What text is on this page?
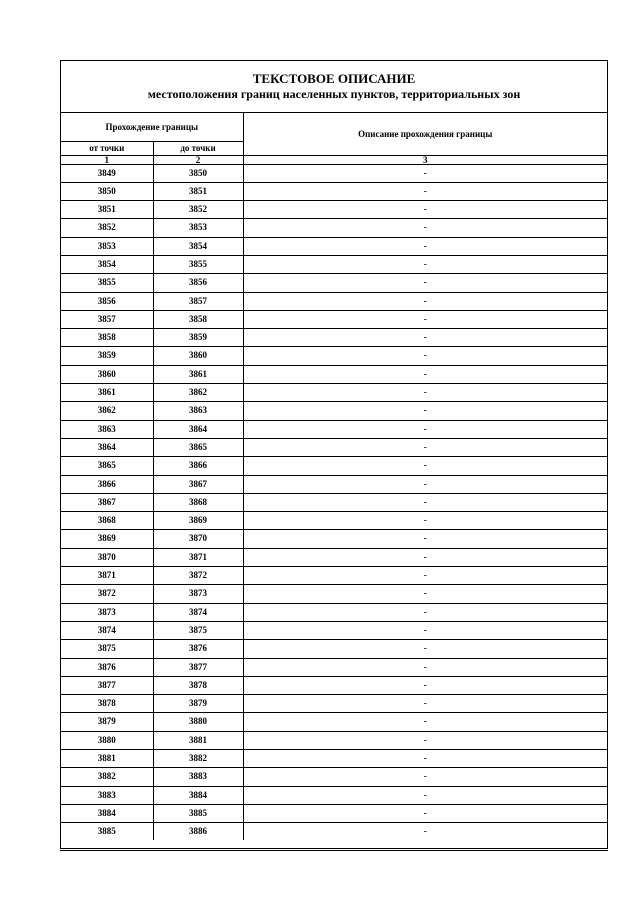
ТЕКСТОВОЕ ОПИСАНИЕ
местоположения границ населенных пунктов, территориальных зон
Прохождение границы		Описание прохождения границы
от точки	до точки	
1	2	3
3849	3850	-
3850	3851	-
3851	3852	-
3852	3853	-
3853	3854	-
3854	3855	-
3855	3856	-
3856	3857	-
3857	3858	-
3858	3859	-
3859	3860	-
3860	3861	-
3861	3862	-
3862	3863	-
3863	3864	-
3864	3865	-
3865	3866	-
3866	3867	-
3867	3868	-
3868	3869	-
3869	3870	-
3870	3871	-
3871	3872	-
3872	3873	-
3873	3874	-
3874	3875	-
3875	3876	-
3876	3877	-
3877	3878	-
3878	3879	-
3879	3880	-
3880	3881	-
3881	3882	-
3882	3883	-
3883	3884	-
3884	3885	-
3885	3886	-
